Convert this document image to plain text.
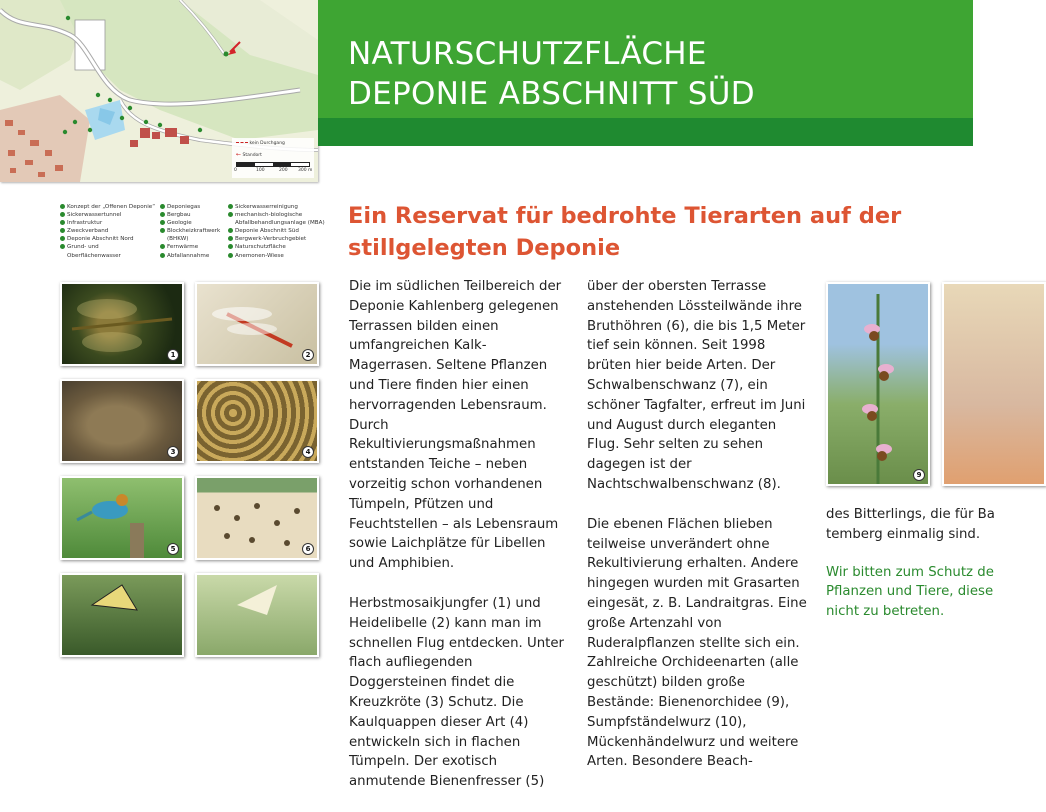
kein Durchgang
← Standort
0	100	200 300 m
NATURSCHUTZFLÄCHE
DEPONIE ABSCHNITT SÜD
Konzept der „Offenen Deponie“
Sickerwassertunnel
Infrastruktur
Zweckverband
Deponie Abschnitt Nord
Grund- und
Oberflächenwasser
Deponiegas
Bergbau
Geologie
Blockheizkraftwerk
(BHKW)
Fernwärme
Abfallannahme
Sickerwasserreinigung
mechanisch-biologische
Abfallbehandlungsanlage (MBA)
Deponie Abschnitt Süd
Bergwerk-Verbruchgebiet
Naturschutzfläche
Anemonen-Wiese
Ein Reservat für bedrohte Tierarten auf der
stillgelegten Deponie
1	2
3	4
5	6
9

Die im südlichen Teilbereich der Deponie Kahlenberg gelegenen Terrassen bilden einen umfangreichen Kalk-Magerrasen. Seltene Pflanzen und Tiere finden hier einen hervorragenden Lebensraum. Durch Rekultivierungsmaßnahmen entstanden Teiche – neben vorzeitig schon vorhandenen Tümpeln, Pfützen und Feuchtstellen – als Lebensraum sowie Laichplätze für Libellen und Amphibien.

Herbstmosaikjungfer (1) und Heidelibelle (2) kann man im schnellen Flug entdecken. Unter flach aufliegenden Doggersteinen findet die Kreuzkröte (3) Schutz. Die Kaulquappen dieser Art (4) entwickeln sich in flachen Tümpeln. Der exotisch anmutende Bienenfresser (5)

über der obersten Terrasse anstehenden Lössteilwände ihre Bruthöhren (6), die bis 1,5 Meter tief sein können. Seit 1998 brüten hier beide Arten. Der Schwalbenschwanz (7), ein schöner Tagfalter, erfreut im Juni und August durch eleganten Flug. Sehr selten zu sehen dagegen ist der Nachtschwalbenschwanz (8).

Die ebenen Flächen blieben teilweise unverändert ohne Rekultivierung erhalten. Andere hingegen wurden mit Grasarten eingesät, z. B. Landraitgras. Eine große Artenzahl von Ruderalpflanzen stellte sich ein. Zahlreiche Orchideenarten (alle geschützt) bilden große Bestände: Bienenorchidee (9), Sumpfständelwurz (10), Mückenhändelwurz und weitere Arten. Besondere Beach-

des Bitterlings, die für Ba
temberg einmalig sind.
Wir bitten zum Schutz de
Pflanzen und Tiere, diese
nicht zu betreten.
